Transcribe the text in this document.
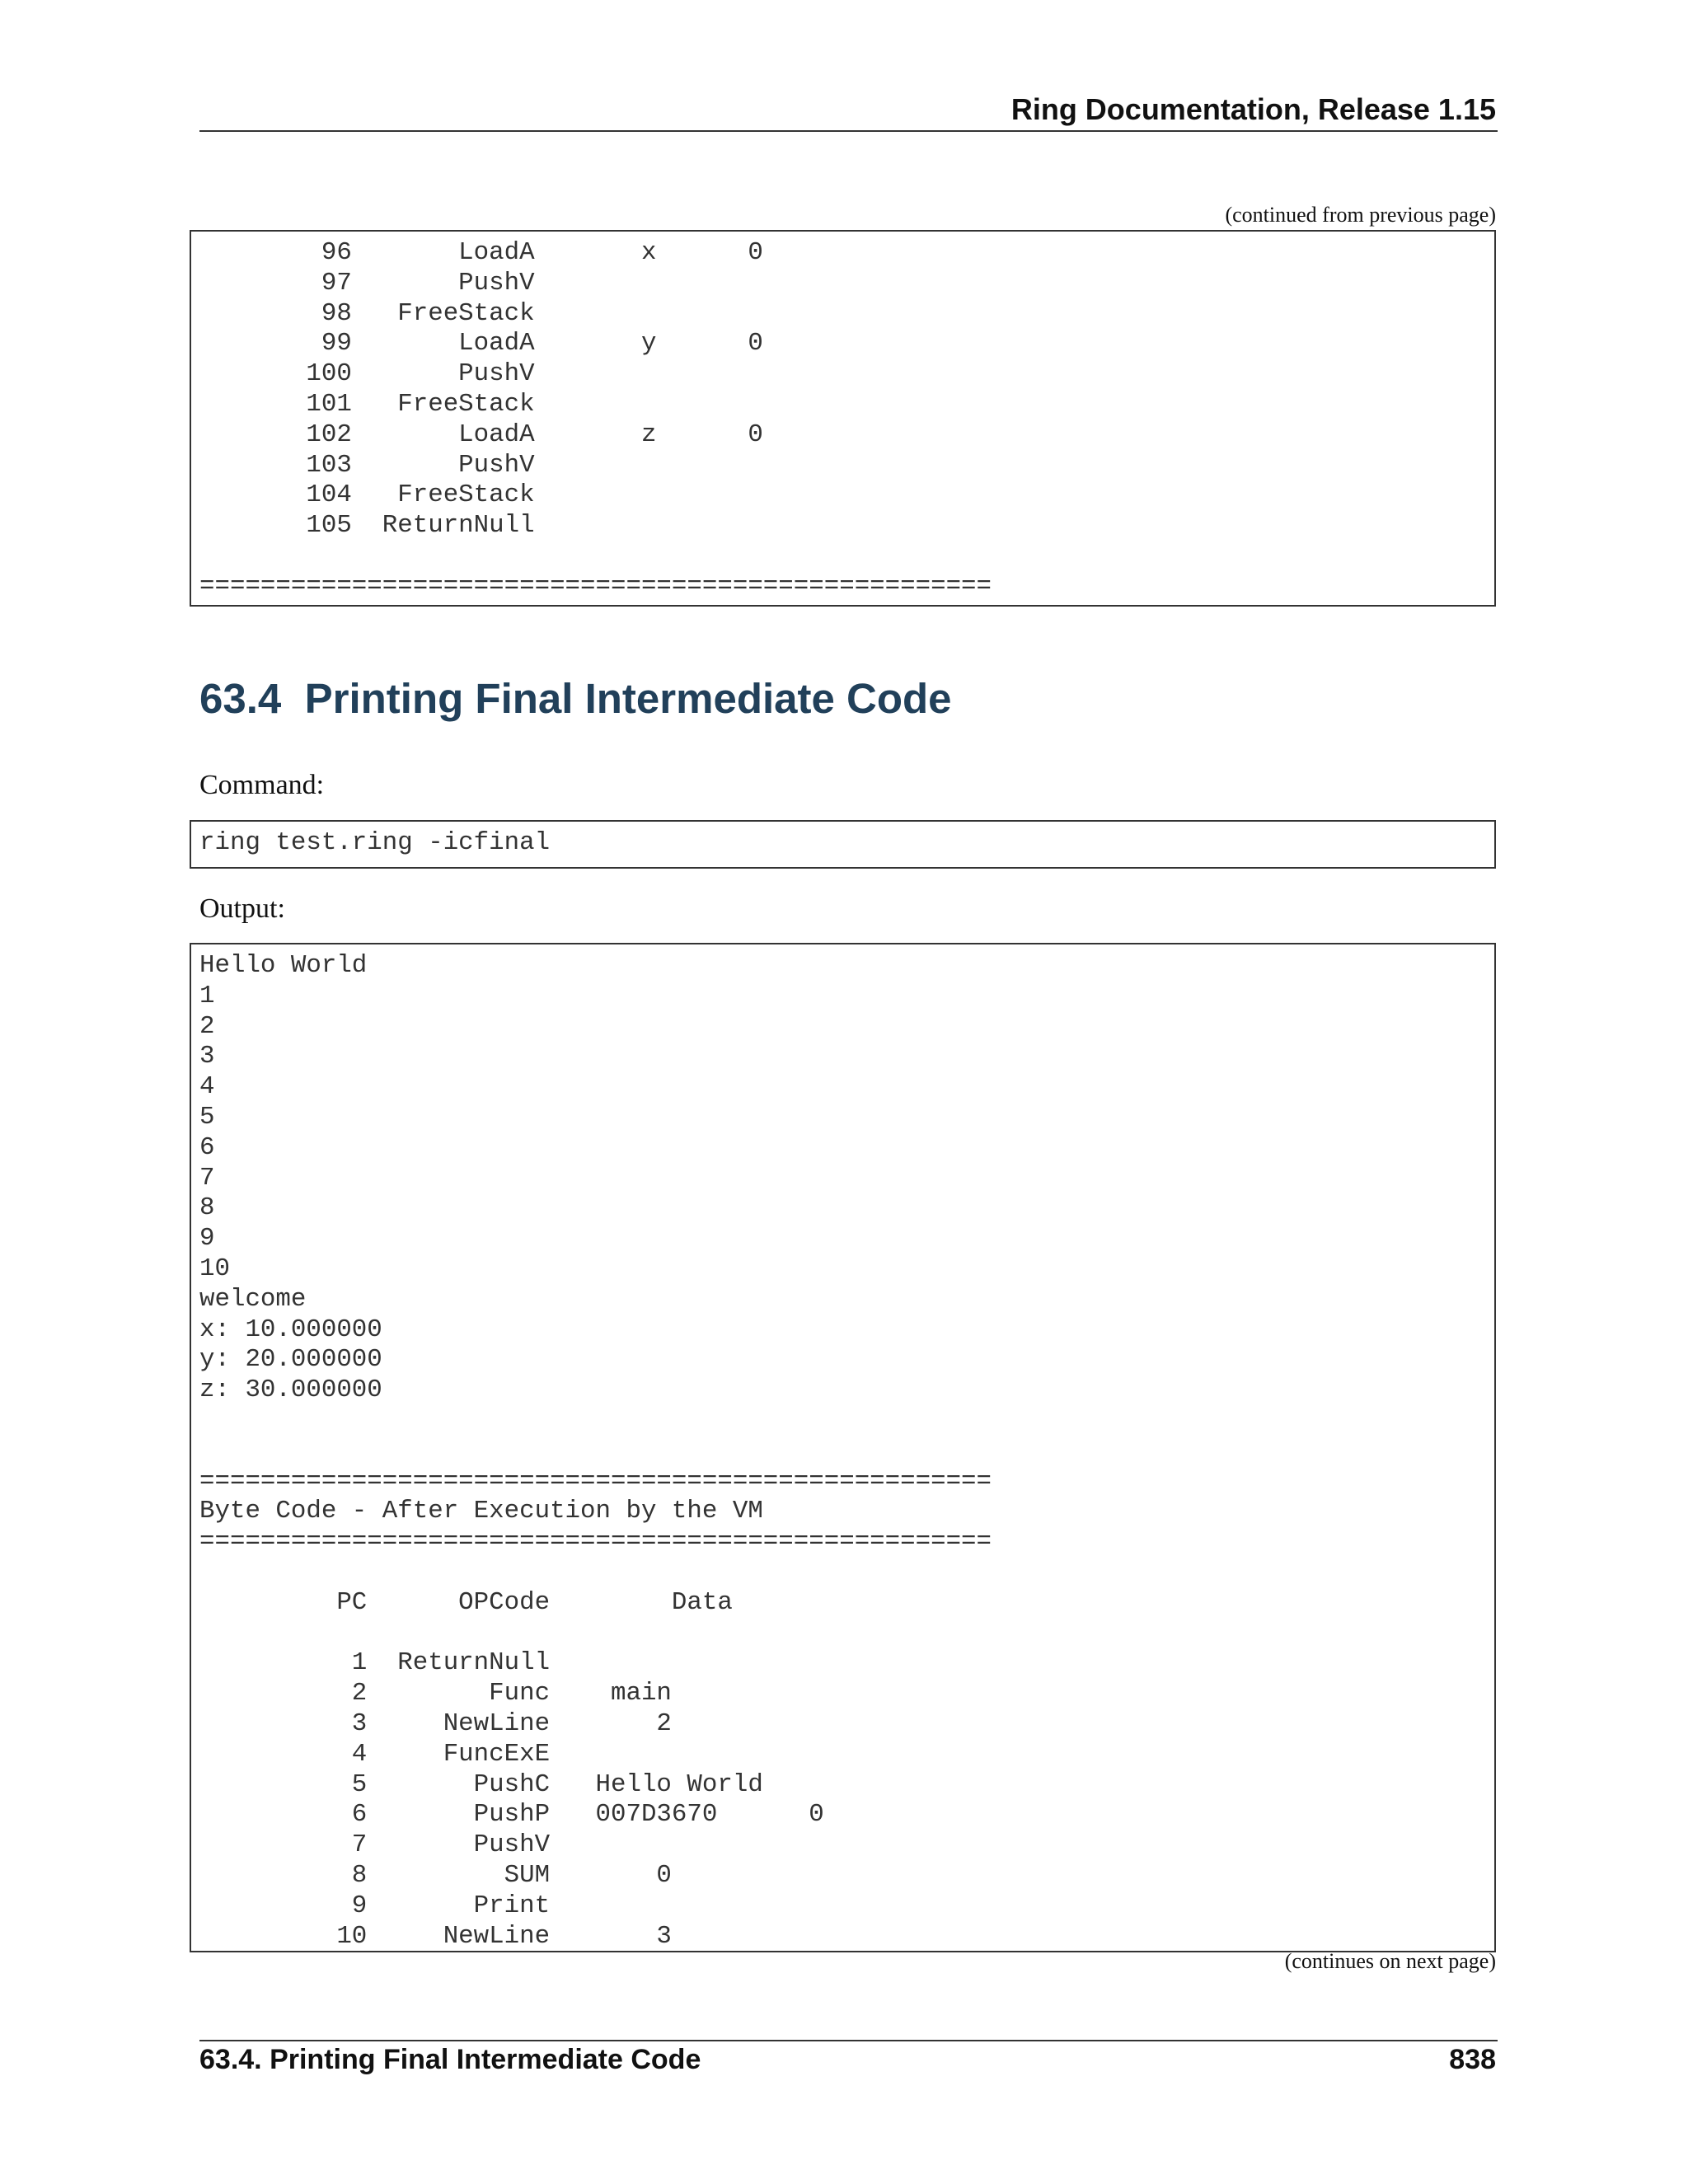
Ring Documentation, Release 1.15
(continued from previous page)
96       LoadA       x      0
97       PushV
98   FreeStack
99       LoadA       y      0
100       PushV
101   FreeStack
102       LoadA       z      0
103       PushV
104   FreeStack
105  ReturnNull

====================================================
63.4 Printing Final Intermediate Code

Command:

ring test.ring -icfinal

Output:

Hello World
1
2
3
4
5
6
7
8
9
10
welcome
x: 10.000000
y: 20.000000
z: 30.000000

====================================================
Byte Code - After Execution by the VM
====================================================

PC      OPCode        Data

1  ReturnNull
2        Func    main
3     NewLine       2
4     FuncExE
5       PushC   Hello World
6       PushP   007D3670      0
7       PushV
8         SUM       0
9       Print
10     NewLine       3
(continues on next page)
63.4. Printing Final Intermediate Code	838
